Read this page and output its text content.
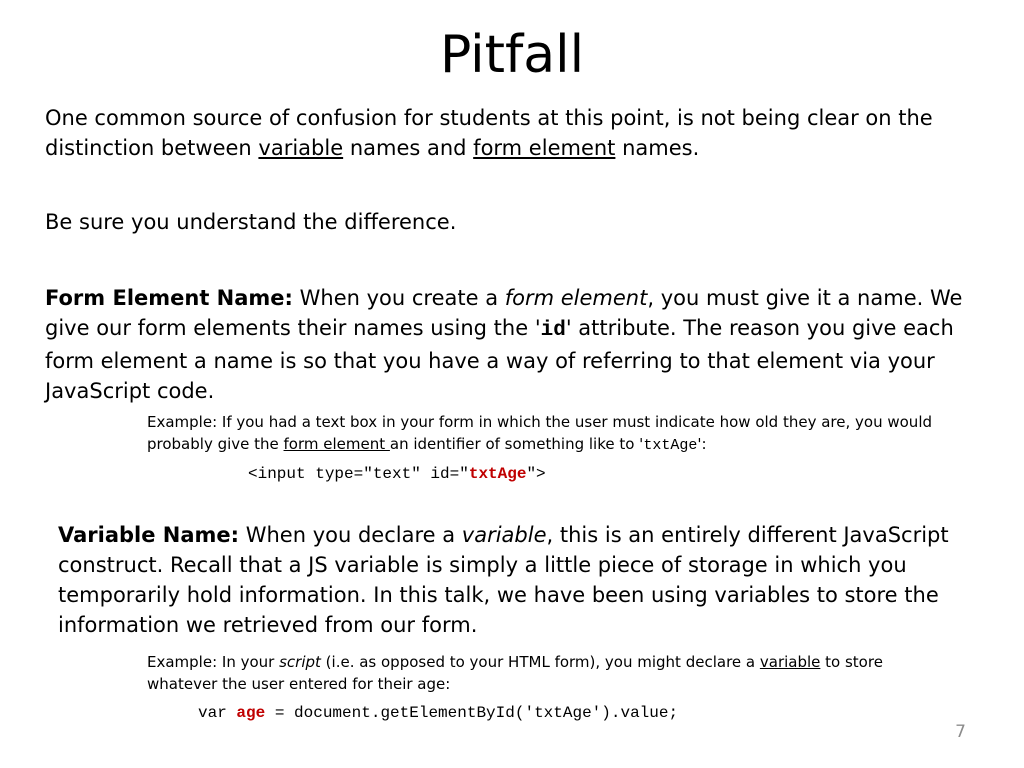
Pitfall
One common source of confusion for students at this point, is not being clear on the distinction between variable names and form element names.
Be sure you understand the difference.
Form Element Name: When you create a form element, you must give it a name. We give our form elements their names using the 'id' attribute. The reason you give each form element a name is so that you have a way of referring to that element via your JavaScript code.
Example: If you had a text box in your form in which the user must indicate how old they are, you would probably give the form element an identifier of something like to 'txtAge':
<input type="text" id="txtAge">
Variable Name: When you declare a variable, this is an entirely different JavaScript construct. Recall that a JS variable is simply a little piece of storage in which you temporarily hold information. In this talk, we have been using variables to store the information we retrieved from our form.
Example: In your script (i.e. as opposed to your HTML form), you might declare a variable to store whatever the user entered for their age:
var age = document.getElementById('txtAge').value;
7
